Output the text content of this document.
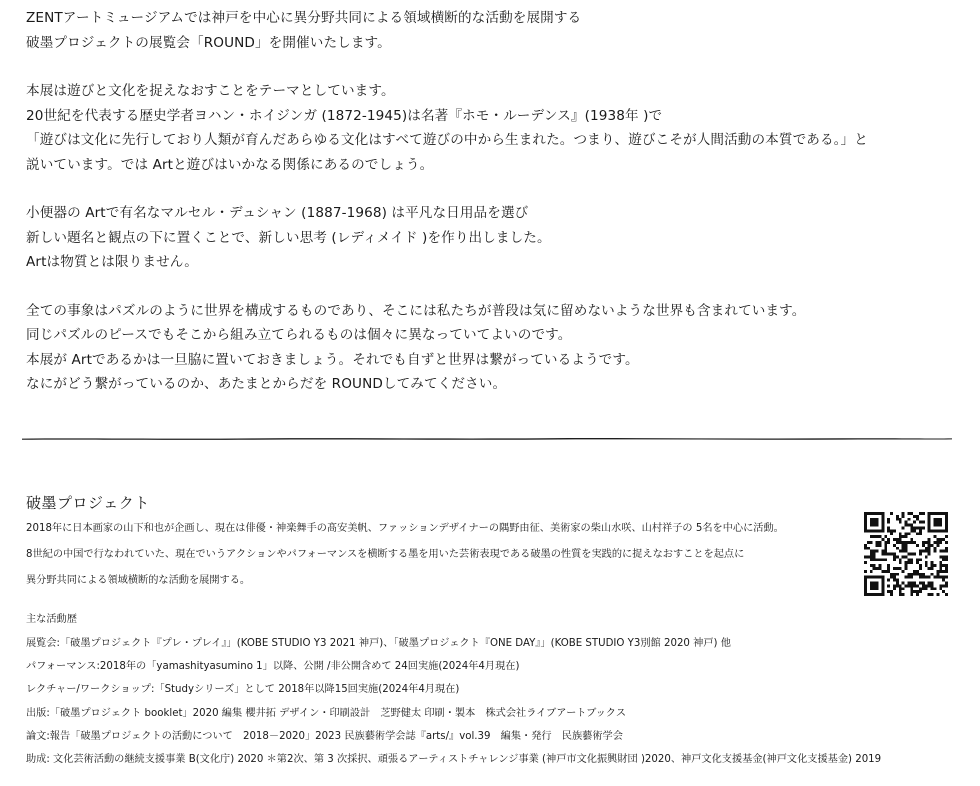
ZENTアートミュージアムでは神戸を中心に異分野共同による領域横断的な活動を展開する
破墨プロジェクトの展覧会「ROUND」を開催いたします。
本展は遊びと文化を捉えなおすことをテーマとしています。
20世紀を代表する歴史学者ヨハン・ホイジンガ (1872-1945)は名著『ホモ・ルーデンス』(1938年 )で
「遊びは文化に先行しており人類が育んだあらゆる文化はすべて遊びの中から生まれた。つまり、遊びこそが人間活動の本質である。」と
説いています。では Artと遊びはいかなる関係にあるのでしょう。
小便器の Artで有名なマルセル・デュシャン (1887-1968) は平凡な日用品を選び
新しい題名と観点の下に置くことで、新しい思考 (レディメイド )を作り出しました。
Artは物質とは限りません。
全ての事象はパズルのように世界を構成するものであり、そこには私たちが普段は気に留めないような世界も含まれています。
同じパズルのピースでもそこから組み立てられるものは個々に異なっていてよいのです。
本展が Artであるかは一旦脇に置いておきましょう。それでも自ずと世界は繋がっているようです。
なにがどう繋がっているのか、あたまとからだを ROUNDしてみてください。
破墨プロジェクト
2018年に日本画家の山下和也が企画し、現在は俳優・神楽舞手の髙安美帆、ファッションデザイナーの隅野由征、美術家の柴山水咲、山村祥子の 5名を中心に活動。
8世紀の中国で行なわれていた、現在でいうアクションやパフォーマンスを横断する墨を用いた芸術表現である破墨の性質を実践的に捉えなおすことを起点に
異分野共同による領域横断的な活動を展開する。
主な活動歴
展覧会:「破墨プロジェクト『プレ・プレイ』」(KOBE STUDIO Y3 2021 神戸)、「破墨プロジェクト『ONE DAY』」(KOBE STUDIO Y3別館 2020 神戸) 他
パフォーマンス:2018年の「yamashityasumino 1」以降、公開 /非公開含めて 24回実施(2024年4月現在)
レクチャー/ワークショップ:「Studyシリーズ」として 2018年以降15回実施(2024年4月現在)
出版:「破墨プロジェクト booklet」2020 編集 櫻井拓 デザイン・印刷設計　芝野健太 印刷・製本　株式会社ライブアートブックス
論文:報告「破墨プロジェクトの活動について　2018－2020」2023 民族藝術学会誌『arts/』vol.39　編集・発行　民族藝術学会
助成: 文化芸術活動の継続支援事業 B(文化庁) 2020 ＊第2次、第 3 次採択、頑張るアーティストチャレンジ事業 (神戸市文化振興財団 )2020、神戸文化支援基金(神戸文化支援基金) 2019
